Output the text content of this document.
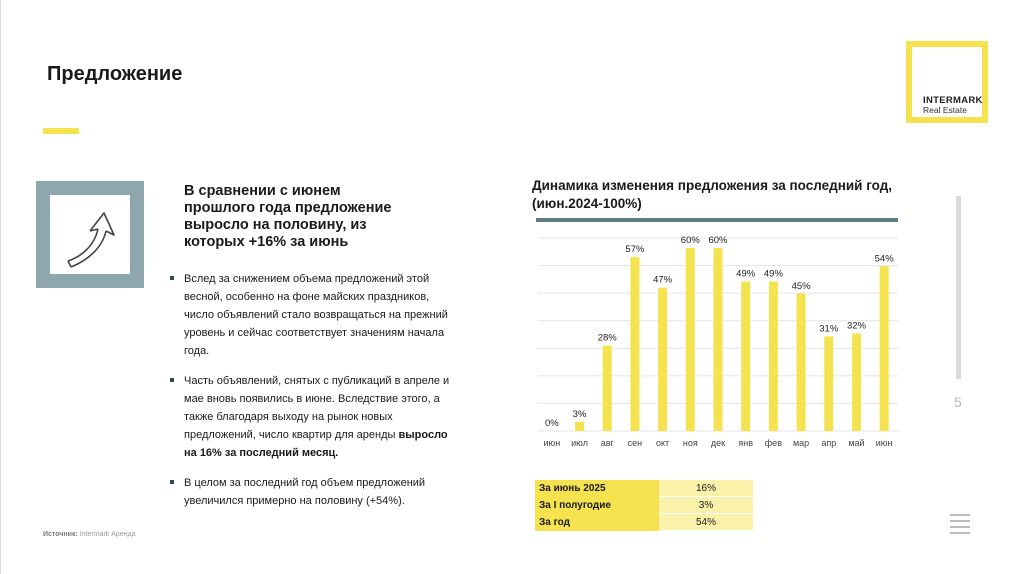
Предложение
INTERMARK
Real Estate
В сравнении с июнем прошлого года предложение выросло на половину, из которых +16% за июнь
Вслед за снижением объема предложений этой весной, особенно на фоне майских праздников, число объявлений стало возвращаться на прежний уровень и сейчас соответствует значениям начала года.
Часть объявлений, снятых с публикаций в апреле и мае вновь появились в июне. Вследствие этого, а также благодаря выходу на рынок новых предложений, число квартир для аренды выросло на 16% за последний месяц.
В целом за последний год объем предложений увеличился примерно на половину (+54%).
Источник: Intermark Аренда
Динамика изменения предложения за последний год, (июн.2024-100%)
0%
июн
3%
июл
28%
авг
57%
сен
47%
окт
60%
ноя
60%
дек
49%
янв
49%
фев
45%
мар
31%
апр
32%
май
54%
июн
За июнь 2025	16%
За I полугодие	3%
За год	54%
5
